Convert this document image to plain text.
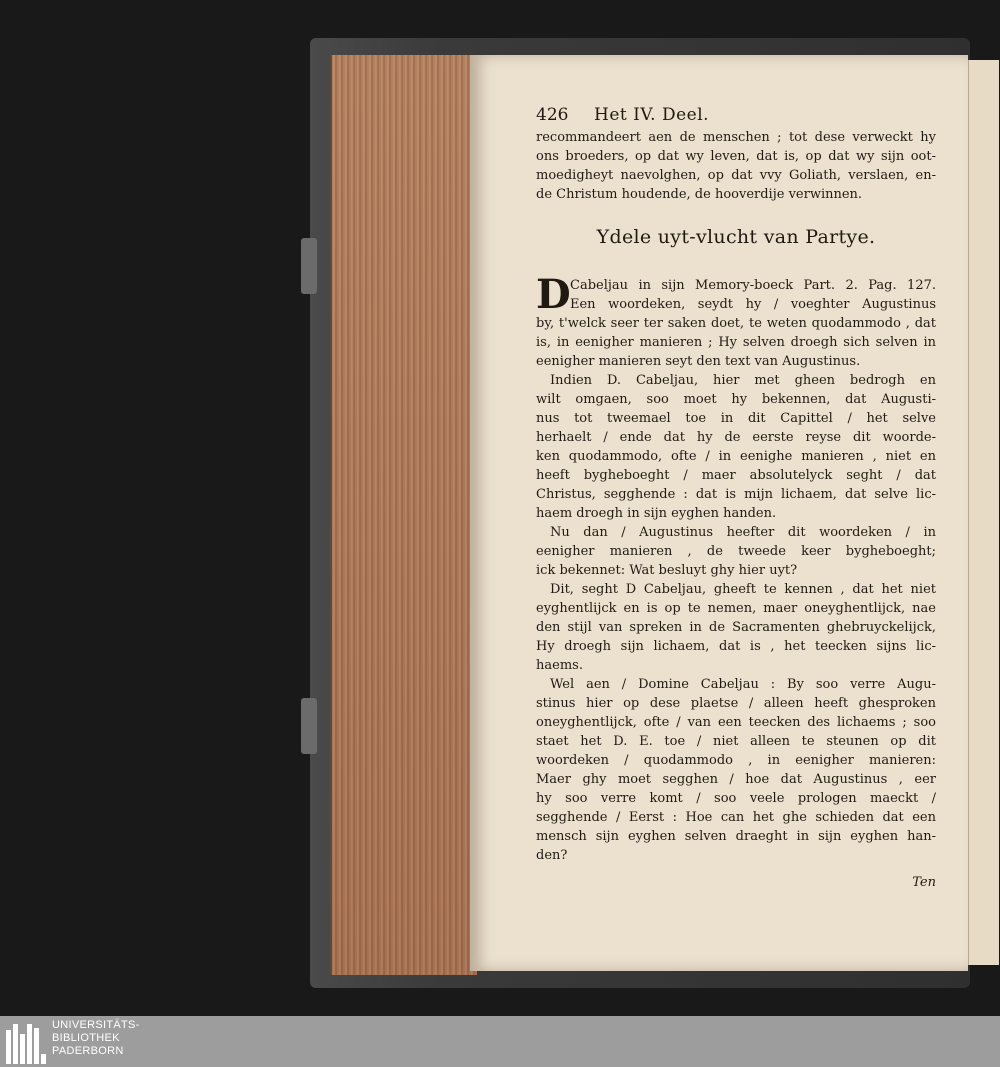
426	Het IV. Deel.
recommandeert aen de menschen ; tot dese verweckt hy
ons broeders, op dat wy leven, dat is, op dat wy sijn oot-
moedigheyt naevolghen, op dat vvy Goliath, verslaen, en-
de Christum houdende, de hooverdije verwinnen.
Ydele uyt-vlucht van Partye.
D Cabeljau in sijn Memory-boeck Part. 2. Pag. 127.
Een woordeken, seydt hy / voeghter Augustinus
by, t'welck seer ter saken doet, te weten quodammodo , dat
is, in eenigher manieren ; Hy selven droegh sich selven in
eenigher manieren seyt den text van Augustinus.
Indien D. Cabeljau, hier met gheen bedrogh en
wilt omgaen, soo moet hy bekennen, dat Augusti-
nus tot tweemael toe in dit Capittel / het selve
herhaelt / ende dat hy de eerste reyse dit woorde-
ken quodammodo, ofte / in eenighe manieren , niet en
heeft bygheboeght / maer absolutelyck seght / dat
Christus, segghende : dat is mijn lichaem, dat selve lic-
haem droegh in sijn eyghen handen.
Nu dan / Augustinus heefter dit woordeken / in
eenigher manieren , de tweede keer bygheboeght;
ick bekennet: Wat besluyt ghy hier uyt?
Dit, seght D Cabeljau, gheeft te kennen , dat het niet
eyghentlijck en is op te nemen, maer oneyghentlijck, nae
den stijl van spreken in de Sacramenten ghebruyckelijck,
Hy droegh sijn lichaem, dat is , het teecken sijns lic-
haems.
Wel aen / Domine Cabeljau : By soo verre Augu-
stinus hier op dese plaetse / alleen heeft ghesproken
oneyghentlijck, ofte / van een teecken des lichaems ; soo
staet het D. E. toe / niet alleen te steunen op dit
woordeken / quodammodo , in eenigher manieren:
Maer ghy moet segghen / hoe dat Augustinus , eer
hy soo verre komt / soo veele prologen maeckt /
segghende / Eerst : Hoe can het ghe schieden dat een
mensch sijn eyghen selven draeght in sijn eyghen han-
den?
Ten
UNIVERSITÄTS-
BIBLIOTHEK
PADERBORN
